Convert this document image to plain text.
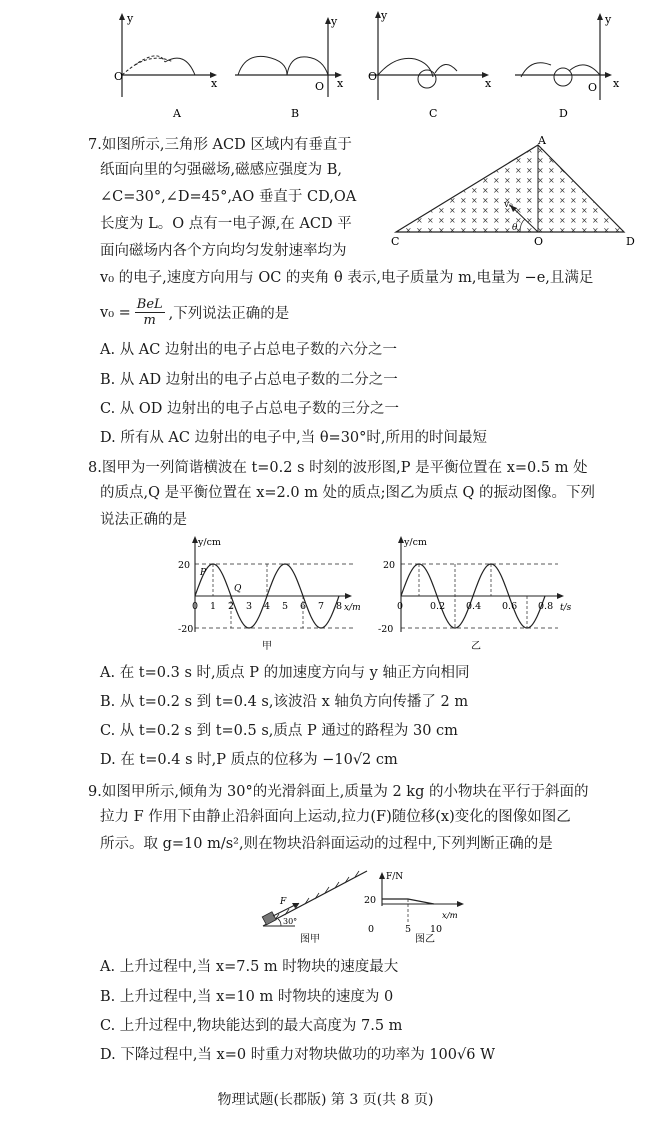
y
O
x
A
y
O x
B
y
O
x
C
y
O x
D
7.如图所示,三角形 ACD 区域内有垂直于
纸面向里的匀强磁场,磁感应强度为 B,
∠C=30°,∠D=45°,AO 垂直于 CD,OA
长度为 L。O 点有一电子源,在 ACD 平
面向磁场内各个方向均匀发射速率均为
v₀ 的电子,速度方向用与 OC 的夹角 θ 表示,电子质量为 m,电量为 −e,且满足
v₀ = BeL
m ,下列说法正确的是
A
C	O	D
v₀
θ
A. 从 AC 边射出的电子占总电子数的六分之一
B. 从 AD 边射出的电子占总电子数的二分之一
C. 从 OD 边射出的电子占总电子数的三分之一
D. 所有从 AC 边射出的电子中,当 θ=30°时,所用的时间最短
8.图甲为一列简谐横波在 t=0.2 s 时刻的波形图,P 是平衡位置在 x=0.5 m 处
的质点,Q 是平衡位置在 x=2.0 m 处的质点;图乙为质点 Q 的振动图像。下列
说法正确的是
y/cm
20
-20
P
Q
0 1 2 3 4 5 6 7 8 x/m
甲
y/cm
20
-20
0	0.2 0.4 0.6 0.8 t/s
乙
A. 在 t=0.3 s 时,质点 P 的加速度方向与 y 轴正方向相同
B. 从 t=0.2 s 到 t=0.4 s,该波沿 x 轴负方向传播了 2 m
C. 从 t=0.2 s 到 t=0.5 s,质点 P 通过的路程为 30 cm
D. 在 t=0.4 s 时,P 质点的位移为 −10√2 cm
9.如图甲所示,倾角为 30°的光滑斜面上,质量为 2 kg 的小物块在平行于斜面的
拉力 F 作用下由静止沿斜面向上运动,拉力(F)随位移(x)变化的图像如图乙
所示。取 g=10 m/s²,则在物块沿斜面运动的过程中,下列判断正确的是
F
30°
图甲
F/N
20
0	5 10
x/m
图乙
A. 上升过程中,当 x=7.5 m 时物块的速度最大
B. 上升过程中,当 x=10 m 时物块的速度为 0
C. 上升过程中,物块能达到的最大高度为 7.5 m
D. 下降过程中,当 x=0 时重力对物块做功的功率为 100√6 W
物理试题(长郡版) 第 3 页(共 8 页)
